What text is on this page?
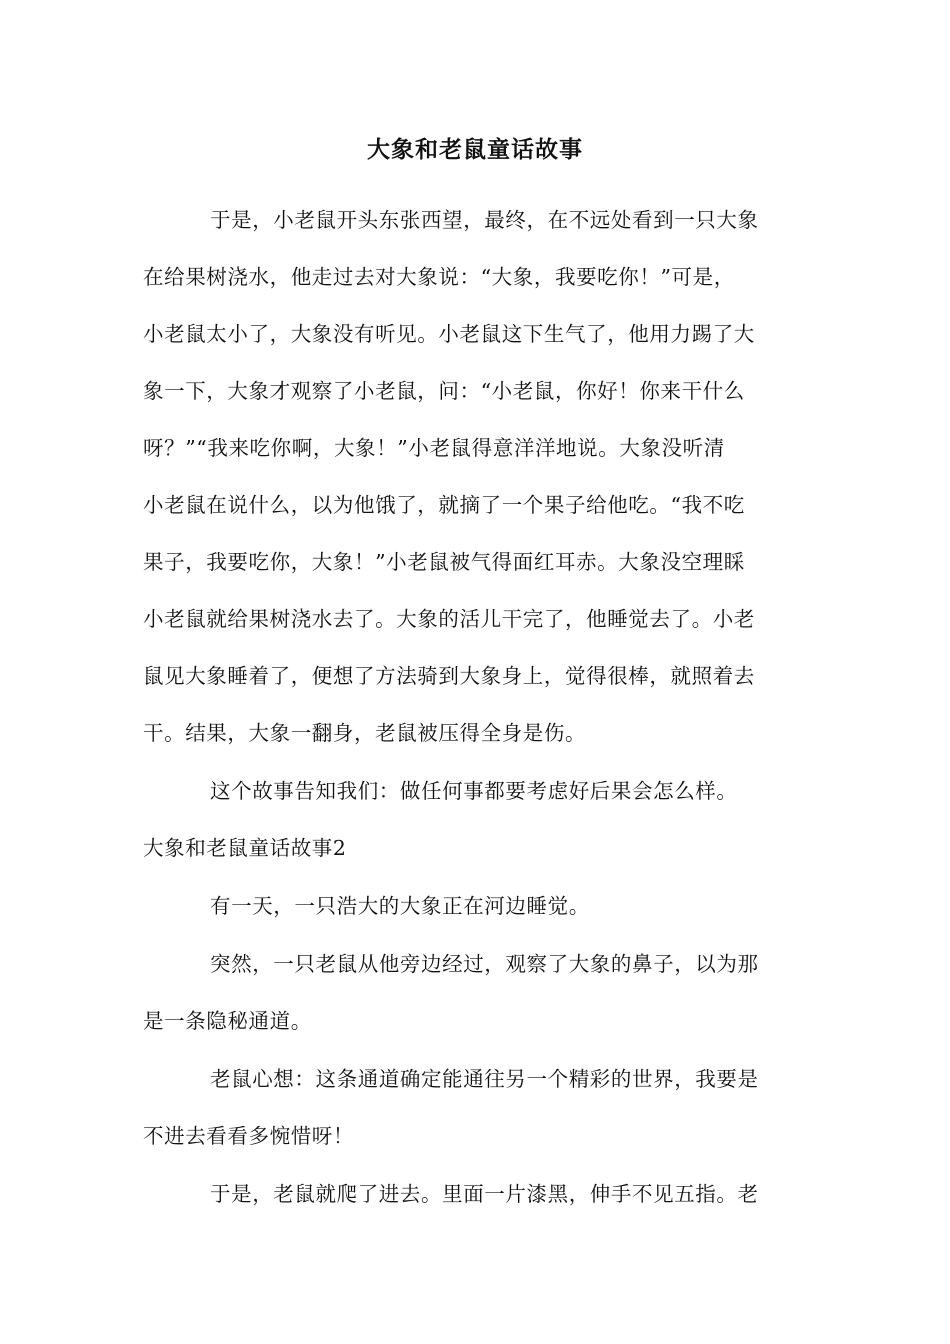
大象和老鼠童话故事
于是，小老鼠开头东张西望，最终，在不远处看到一只大象
在给果树浇水，他走过去对大象说：“大象，我要吃你！”可是，
小老鼠太小了，大象没有听见。小老鼠这下生气了，他用力踢了大
象一下，大象才观察了小老鼠，问：“小老鼠，你好！你来干什么
呀？”“我来吃你啊，大象！”小老鼠得意洋洋地说。大象没听清
小老鼠在说什么，以为他饿了，就摘了一个果子给他吃。“我不吃
果子，我要吃你，大象！”小老鼠被气得面红耳赤。大象没空理睬
小老鼠就给果树浇水去了。大象的活儿干完了，他睡觉去了。小老
鼠见大象睡着了，便想了方法骑到大象身上，觉得很棒，就照着去
干。结果，大象一翻身，老鼠被压得全身是伤。
这个故事告知我们：做任何事都要考虑好后果会怎么样。
大象和老鼠童话故事2
有一天，一只浩大的大象正在河边睡觉。
突然，一只老鼠从他旁边经过，观察了大象的鼻子，以为那
是一条隐秘通道。
老鼠心想：这条通道确定能通往另一个精彩的世界，我要是
不进去看看多惋惜呀！
于是，老鼠就爬了进去。里面一片漆黑，伸手不见五指。老
